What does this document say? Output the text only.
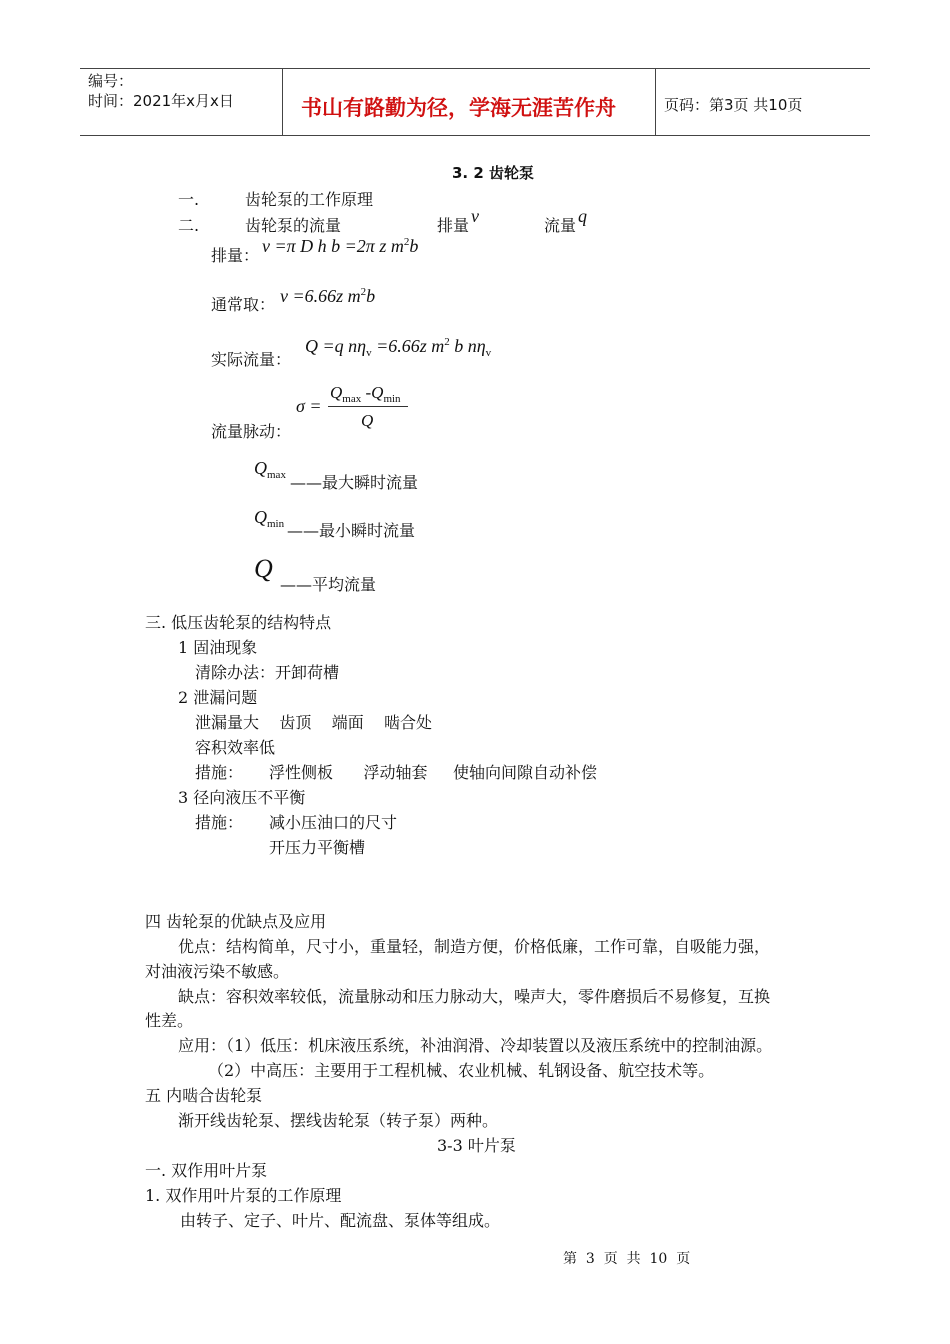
编号：
时间：2021年x月x日	书山有路勤为径，学海无涯苦作舟	页码：第3页 共10页
3. 2 齿轮泵
一.	齿轮泵的工作原理
二.	齿轮泵的流量	排量 v	流量 q
排量： v =π D h b =2π z $m^2b$
通常取： v =6.66z $m^2b$
实际流量：
Q =q $n\eta_v =6.66z$ $m^2$ b $n\eta_v$
σ =
$Q_{max}$ $-Q_{min}$
Q
流量脉动：
$Q_{max}$ ——最大瞬时流量
$Q_{min}$ ——最小瞬时流量
Q
——平均流量
三. 低压齿轮泵的结构特点
1 固油现象
清除办法：开卸荷槽
2 泄漏问题
泄漏量大    齿顶    端面    啮合处
容积效率低
措施： 浮性侧板      浮动轴套     使轴向间隙自动补偿
3 径向液压不平衡
措施： 减小压油口的尺寸
开压力平衡槽
四 齿轮泵的优缺点及应用
优点：结构简单，尺寸小，重量轻，制造方便，价格低廉，工作可靠，自吸能力强，
对油液污染不敏感。
缺点：容积效率较低，流量脉动和压力脉动大，噪声大，零件磨损后不易修复，互换
性差。
应用：（1）低压：机床液压系统，补油润滑、冷却装置以及液压系统中的控制油源。
（2）中高压：主要用于工程机械、农业机械、轧钢设备、航空技术等。
五 内啮合齿轮泵
渐开线齿轮泵、摆线齿轮泵（转子泵）两种。
3-3 叶片泵
一. 双作用叶片泵
1. 双作用叶片泵的工作原理
由转子、定子、叶片、配流盘、泵体等组成。
第  3  页  共  10  页
